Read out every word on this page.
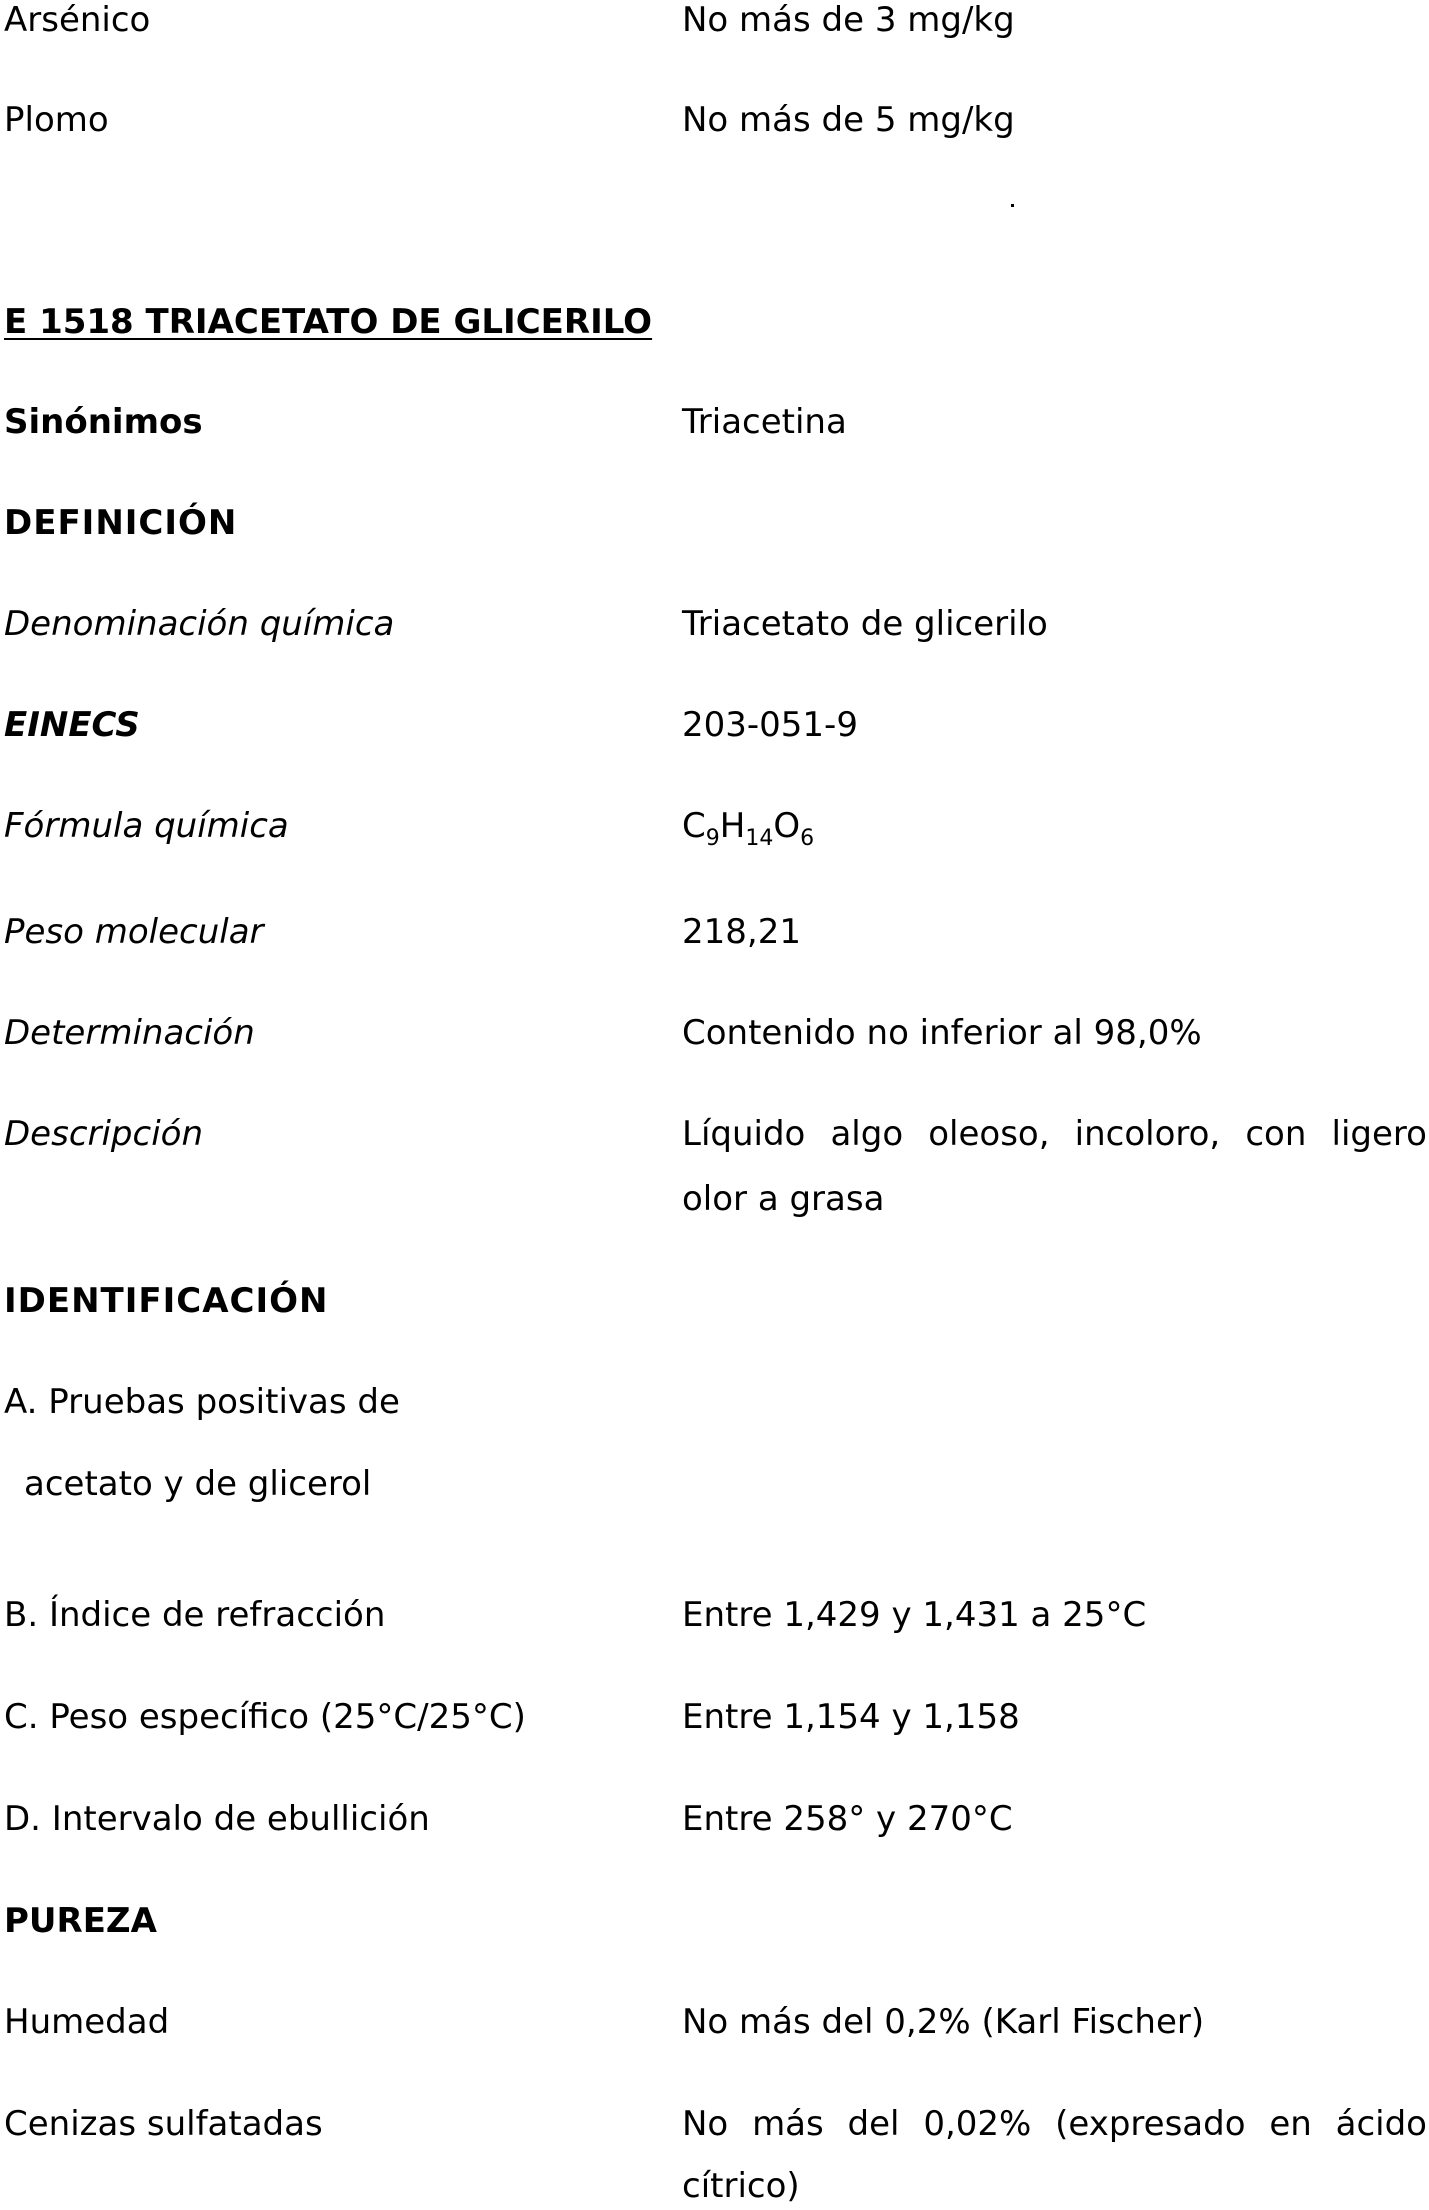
Arsénico	No más de 3 mg/kg
Plomo	No más de 5 mg/kg
E 1518 TRIACETATO DE GLICERILO
Sinónimos	Triacetina
DEFINICIÓN
Denominación química	Triacetato de glicerilo
EINECS	203-051-9
Fórmula química	$C_9H_{14}O_6$
Peso molecular	218,21
Determinación	Contenido no inferior al 98,0%
Descripción	Líquido algo oleoso, incoloro, con ligero
olor a grasa
IDENTIFICACIÓN
A. Pruebas positivas de
acetato y de glicerol
B. Índice de refracción	Entre 1,429 y 1,431 a 25°C
C. Peso específico (25°C/25°C)	Entre 1,154 y 1,158
D. Intervalo de ebullición	Entre 258° y 270°C
PUREZA
Humedad	No más del 0,2% (Karl Fischer)
Cenizas sulfatadas	No más del 0,02% (expresado en ácido
cítrico)
